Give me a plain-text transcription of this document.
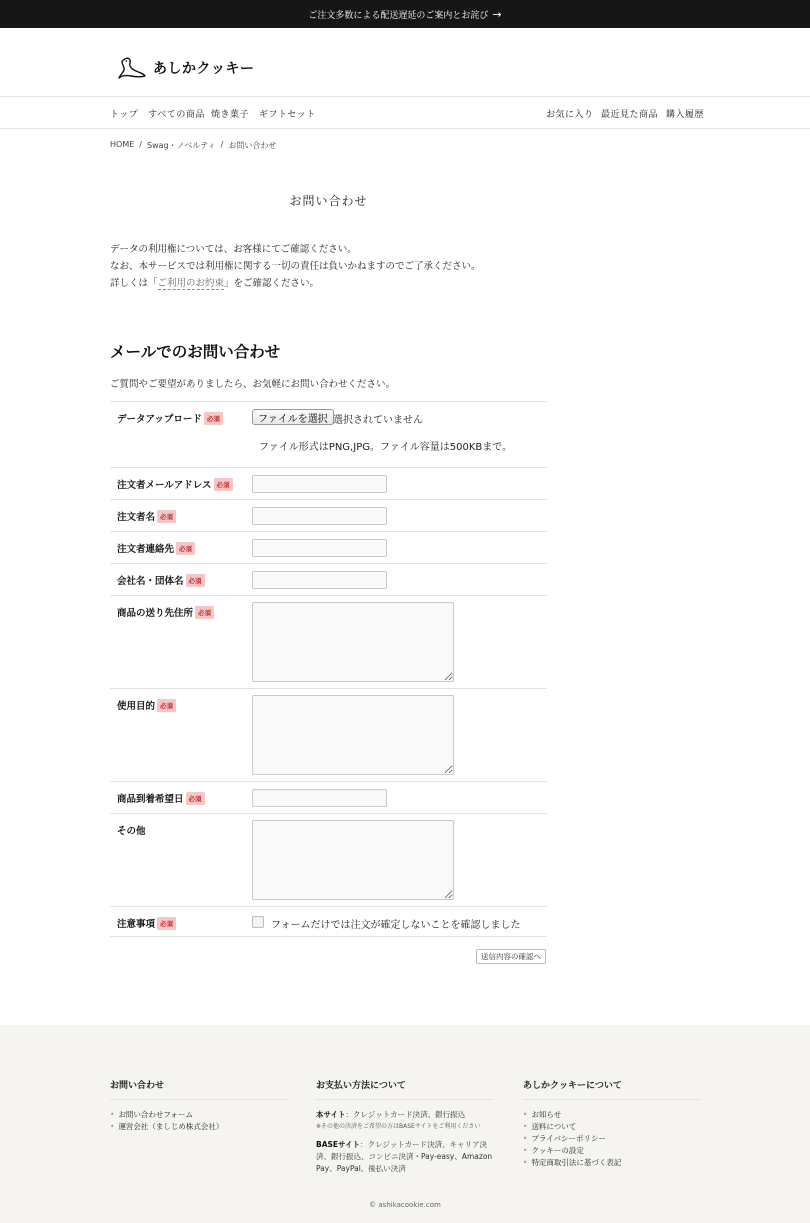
ご注文多数による配送遅延のご案内とお詫び →
あしかクッキー
トップ すべての商品 焼き菓子 ギフトセット	お気に入り 最近見た商品 購入履歴
HOME / Swag・ノベルティ / お問い合わせ
お問い合わせ
データの利用権については、お客様にてご確認ください。
なお、本サービスでは利用権に関する一切の責任は負いかねますのでご了承ください。
詳しくは「ご利用のお約束」をご確認ください。
メールでのお問い合わせ
ご質問やご要望がありましたら、お気軽にお問い合わせください。
データアップロード 必須	ファイルを選択 選択されていません
ファイル形式はPNG,JPG。ファイル容量は500KBまで。
注文者メールアドレス 必須
注文者名 必須
注文者連絡先 必須
会社名・団体名 必須
商品の送り先住所 必須
使用目的 必須
商品到着希望日 必須
その他
注意事項 必須	フォームだけでは注文が確定しないことを確認しました
送信内容の確認へ
お問い合わせ
• お問い合わせフォーム
• 運営会社（ましじめ株式会社）
お支払い方法について
本サイト：クレジットカード決済、銀行振込
※その他の決済をご希望の方はBASEサイトをご利用ください
BASEサイト：クレジットカード決済、キャリア決済、銀行振込、コンビニ決済・Pay-easy、Amazon Pay、PayPal、後払い決済
あしかクッキーについて
• お知らせ
• 送料について
• プライバシーポリシー
• クッキーの設定
• 特定商取引法に基づく表記
© ashikacookie.com
